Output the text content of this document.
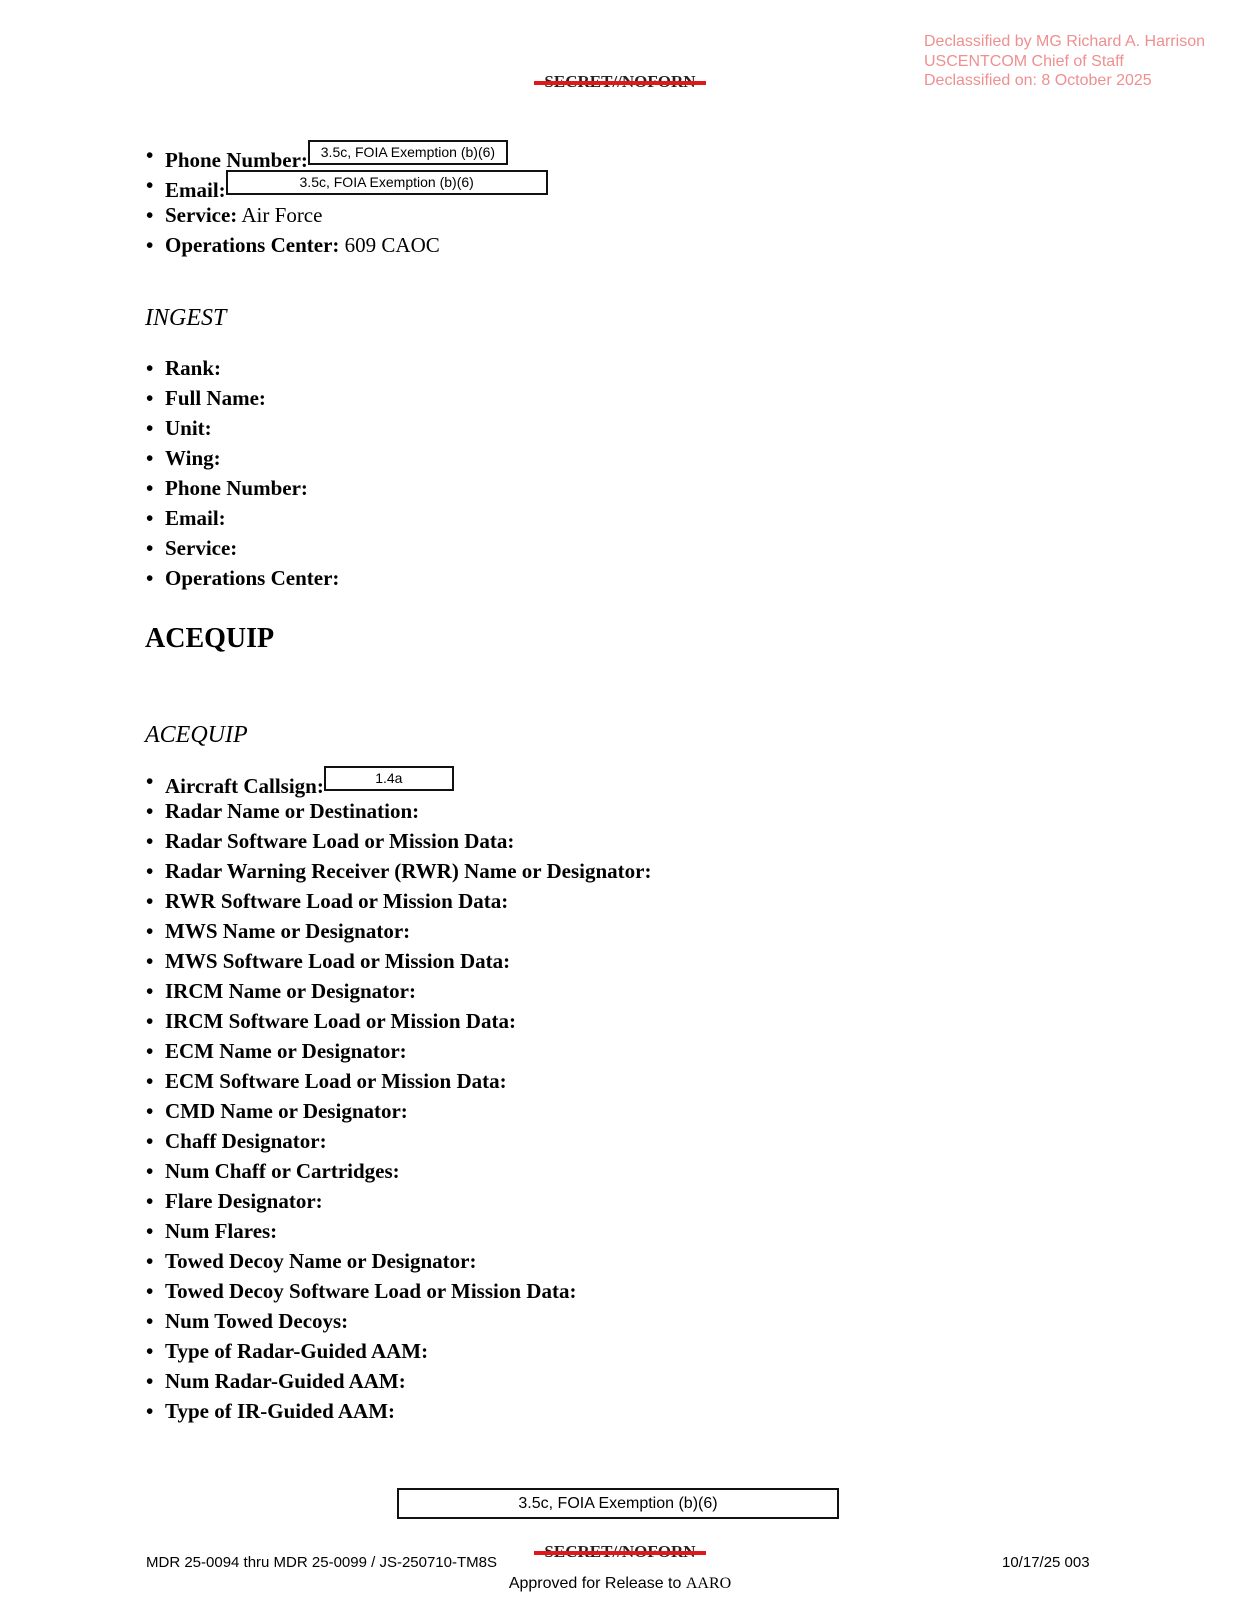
Declassified by MG Richard A. Harrison
USCENTCOM Chief of Staff
Declassified on: 8 October 2025
• Phone Number: 3.5c, FOIA Exemption (b)(6)
• Email:	3.5c, FOIA Exemption (b)(6)
• Service: Air Force
• Operations Center: 609 CAOC
INGEST
• Rank:
• Full Name:
• Unit:
• Wing:
• Phone Number:
• Email:
• Service:
• Operations Center:
ACEQUIP
ACEQUIP
• Aircraft Callsign:	1.4a
• Radar Name or Destination:
• Radar Software Load or Mission Data:
• Radar Warning Receiver (RWR) Name or Designator:
• RWR Software Load or Mission Data:
• MWS Name or Designator:
• MWS Software Load or Mission Data:
• IRCM Name or Designator:
• IRCM Software Load or Mission Data:
• ECM Name or Designator:
• ECM Software Load or Mission Data:
• CMD Name or Designator:
• Chaff Designator:
• Num Chaff or Cartridges:
• Flare Designator:
• Num Flares:
• Towed Decoy Name or Designator:
• Towed Decoy Software Load or Mission Data:
• Num Towed Decoys:
• Type of Radar-Guided AAM:
• Num Radar-Guided AAM:
• Type of IR-Guided AAM:
3.5c, FOIA Exemption (b)(6)
MDR 25-0094 thru MDR 25-0099 / JS-250710-TM8S	10/17/25 003
Approved for Release to AARO
